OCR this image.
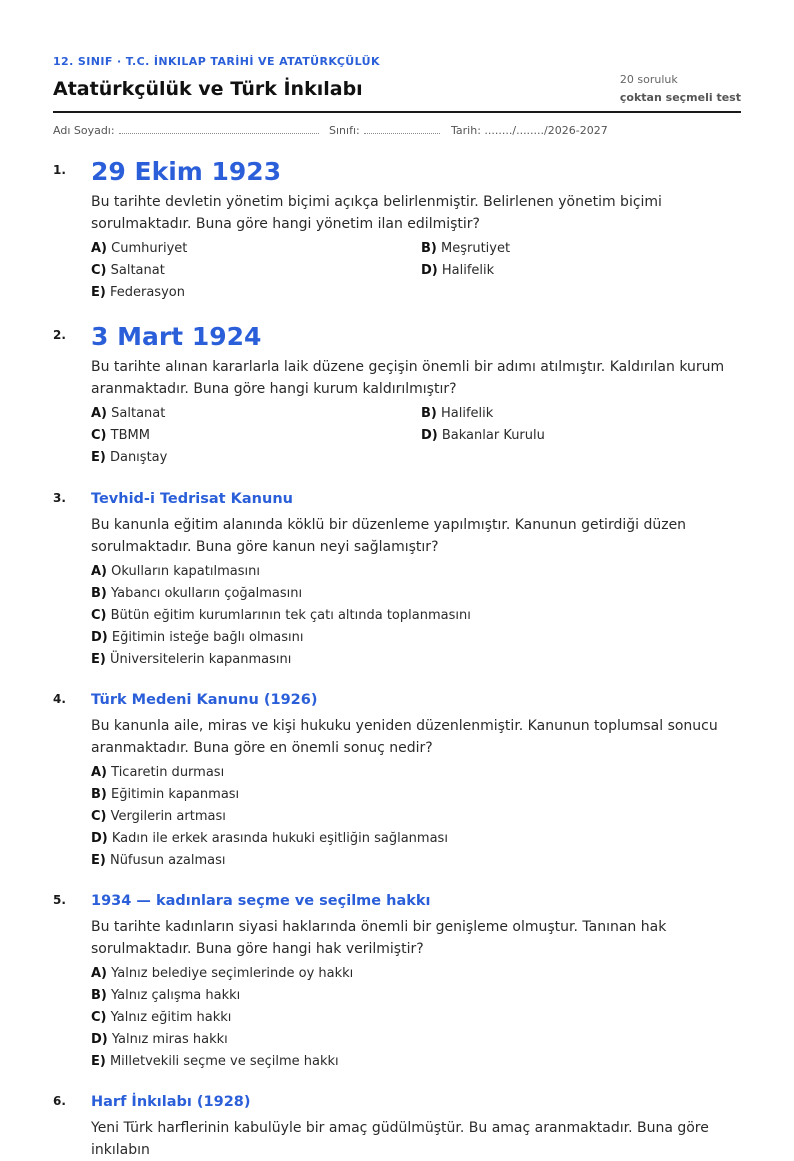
12. SINIF · T.C. İNKILAP TARİHİ VE ATATÜRKÇÜLÜK
Atatürkçülük ve Türk İnkılabı	20 soruluk
çoktan seçmeli test
Adı Soyadı:	Sınıfı:	Tarih: ......../......../2026-2027
1. 29 Ekim 1923
Bu tarihte devletin yönetim biçimi açıkça belirlenmiştir. Belirlenen yönetim biçimi sorulmaktadır. Buna göre hangi yönetim ilan edilmiştir?
A) Cumhuriyet	B) Meşrutiyet
C) Saltanat	D) Halifelik
E) Federasyon
2. 3 Mart 1924
Bu tarihte alınan kararlarla laik düzene geçişin önemli bir adımı atılmıştır. Kaldırılan kurum aranmaktadır. Buna göre hangi kurum kaldırılmıştır?
A) Saltanat	B) Halifelik
C) TBMM	D) Bakanlar Kurulu
E) Danıştay
3. Tevhid-i Tedrisat Kanunu
Bu kanunla eğitim alanında köklü bir düzenleme yapılmıştır. Kanunun getirdiği düzen sorulmaktadır. Buna göre kanun neyi sağlamıştır?
A) Okulların kapatılmasını
B) Yabancı okulların çoğalmasını
C) Bütün eğitim kurumlarının tek çatı altında toplanmasını
D) Eğitimin isteğe bağlı olmasını
E) Üniversitelerin kapanmasını
4. Türk Medeni Kanunu (1926)
Bu kanunla aile, miras ve kişi hukuku yeniden düzenlenmiştir. Kanunun toplumsal sonucu aranmaktadır. Buna göre en önemli sonuç nedir?
A) Ticaretin durması
B) Eğitimin kapanması
C) Vergilerin artması
D) Kadın ile erkek arasında hukuki eşitliğin sağlanması
E) Nüfusun azalması
5. 1934 — kadınlara seçme ve seçilme hakkı
Bu tarihte kadınların siyasi haklarında önemli bir genişleme olmuştur. Tanınan hak sorulmaktadır. Buna göre hangi hak verilmiştir?
A) Yalnız belediye seçimlerinde oy hakkı
B) Yalnız çalışma hakkı
C) Yalnız eğitim hakkı
D) Yalnız miras hakkı
E) Milletvekili seçme ve seçilme hakkı
6. Harf İnkılabı (1928)
Yeni Türk harflerinin kabulüyle bir amaç güdülmüştür. Bu amaç aranmaktadır. Buna göre inkılabın
